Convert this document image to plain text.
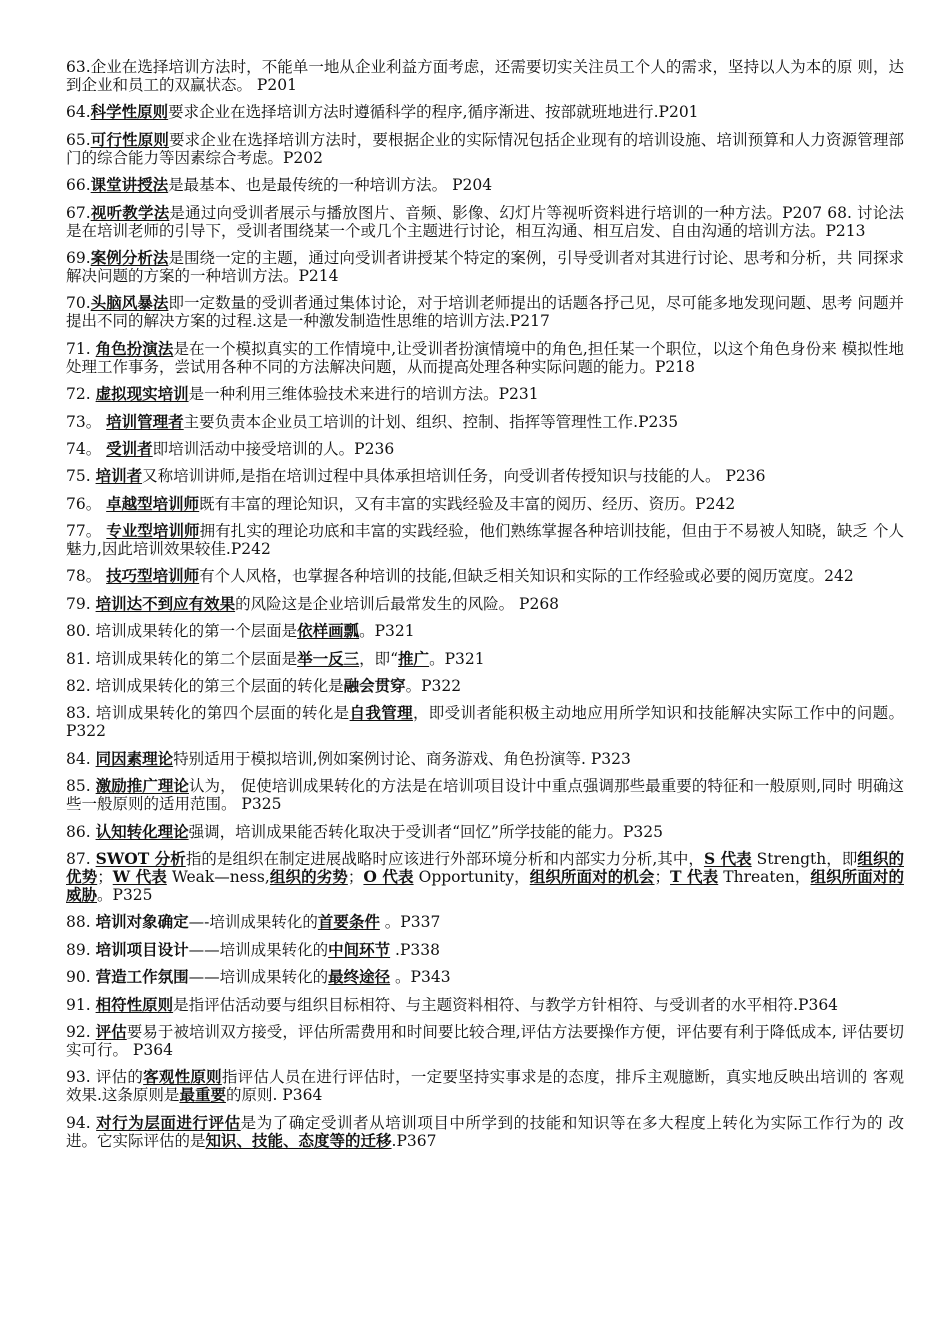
63.企业在选择培训方法时，不能单一地从企业利益方面考虑，还需要切实关注员工个人的需求，坚持以人为本的原 则，达到企业和员工的双赢状态。 P201

64.科学性原则要求企业在选择培训方法时遵循科学的程序,循序渐进、按部就班地进行.P201

65.可行性原则要求企业在选择培训方法时，要根据企业的实际情况包括企业现有的培训设施、培训预算和人力资源管理部门的综合能力等因素综合考虑。P202

66.课堂讲授法是最基本、也是最传统的一种培训方法。 P204

67.视听教学法是通过向受训者展示与播放图片、音频、影像、幻灯片等视听资料进行培训的一种方法。P207 68. 讨论法是在培训老师的引导下，受训者围绕某一个或几个主题进行讨论，相互沟通、相互启发、自由沟通的培训方法。P213

69.案例分析法是围绕一定的主题，通过向受训者讲授某个特定的案例，引导受训者对其进行讨论、思考和分析，共 同探求解决问题的方案的一种培训方法。P214

70.头脑风暴法即一定数量的受训者通过集体讨论，对于培训老师提出的话题各抒己见，尽可能多地发现问题、思考 问题并提出不同的解决方案的过程.这是一种激发制造性思维的培训方法.P217

71. 角色扮演法是在一个模拟真实的工作情境中,让受训者扮演情境中的角色,担任某一个职位，以这个角色身份来 模拟性地处理工作事务，尝试用各种不同的方法解决问题，从而提高处理各种实际问题的能力。P218

72. 虚拟现实培训是一种利用三维体验技术来进行的培训方法。P231

73。 培训管理者主要负责本企业员工培训的计划、组织、控制、指挥等管理性工作.P235

74。 受训者即培训活动中接受培训的人。P236

75. 培训者又称培训讲师,是指在培训过程中具体承担培训任务，向受训者传授知识与技能的人。 P236

76。 卓越型培训师既有丰富的理论知识，又有丰富的实践经验及丰富的阅历、经历、资历。P242

77。 专业型培训师拥有扎实的理论功底和丰富的实践经验，他们熟练掌握各种培训技能，但由于不易被人知晓，缺乏 个人魅力,因此培训效果较佳.P242

78。 技巧型培训师有个人风格，也掌握各种培训的技能,但缺乏相关知识和实际的工作经验或必要的阅历宽度。242

79. 培训达不到应有效果的风险这是企业培训后最常发生的风险。 P268

80. 培训成果转化的第一个层面是依样画瓢。P321

81. 培训成果转化的第二个层面是举一反三，即“推广。P321

82. 培训成果转化的第三个层面的转化是融会贯穿。P322

83. 培训成果转化的第四个层面的转化是自我管理，即受训者能积极主动地应用所学知识和技能解决实际工作中的问题。P322

84. 同因素理论特别适用于模拟培训,例如案例讨论、商务游戏、角色扮演等. P323

85. 激励推广理论认为， 促使培训成果转化的方法是在培训项目设计中重点强调那些最重要的特征和一般原则,同时 明确这些一般原则的适用范围。 P325

86. 认知转化理论强调，培训成果能否转化取决于受训者“回忆”所学技能的能力。P325

87. SWOT 分析指的是组织在制定进展战略时应该进行外部环境分析和内部实力分析,其中，S 代表 Strength，即组织的优势；W 代表 Weak—ness,组织的劣势；O 代表 Opportunity，组织所面对的机会；T 代表 Threaten，组织所面对的 威胁。P325

88. 培训对象确定—-培训成果转化的首要条件 。P337

89. 培训项目设计——培训成果转化的中间环节 .P338

90. 营造工作氛围——培训成果转化的最终途径 。P343

91. 相符性原则是指评估活动要与组织目标相符、与主题资料相符、与教学方针相符、与受训者的水平相符.P364

92. 评估要易于被培训双方接受，评估所需费用和时间要比较合理,评估方法要操作方便，评估要有利于降低成本, 评估要切实可行。 P364

93. 评估的客观性原则指评估人员在进行评估时，一定要坚持实事求是的态度，排斥主观臆断，真实地反映出培训的 客观效果.这条原则是最重要的原则. P364

94. 对行为层面进行评估是为了确定受训者从培训项目中所学到的技能和知识等在多大程度上转化为实际工作行为的 改进。它实际评估的是知识、技能、态度等的迁移.P367
